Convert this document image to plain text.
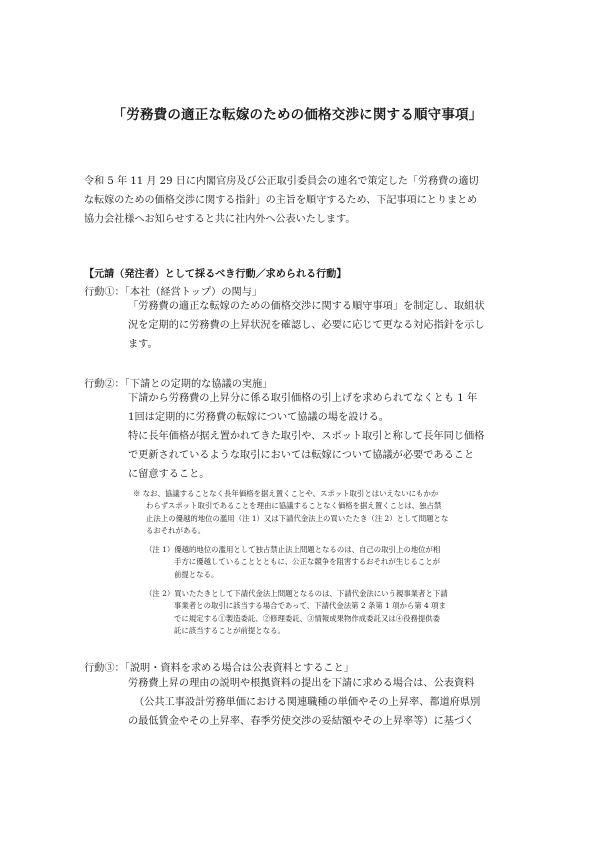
「労務費の適正な転嫁のための価格交渉に関する順守事項」
令和 5 年 11 月 29 日に内閣官房及び公正取引委員会の連名で策定した「労務費の適切
な転嫁のための価格交渉に関する指針」の主旨を順守するため、下記事項にとりまとめ
協力会社様へお知らせすると共に社内外へ公表いたします。
【元請（発注者）として採るべき行動／求められる行動】
行動①：「本社（経営トップ）の関与」
「労務費の適正な転嫁のための価格交渉に関する順守事項」を制定し、取組状
況を定期的に労務費の上昇状況を確認し、必要に応じて更なる対応指針を示し
ます。
行動②：「下請との定期的な協議の実施」
下請から労務費の上昇分に係る取引価格の引上げを求められてなくとも 1 年
1回は定期的に労務費の転嫁について協議の場を設ける。
特に長年価格が据え置かれてきた取引や、スポット取引と称して長年同じ価格
で更新されているような取引においては転嫁について協議が必要であること
に留意すること。
※ なお、協議することなく長年価格を据え置くことや、スポット取引とはいえないにもかか
わらずスポット取引であることを理由に協議することなく価格を据え置くことは、独占禁
止法上の優越的地位の濫用（注 1）又は下請代金法上の買いたたき（注 2）として問題とな
るおそれがある。
（注 1）優越的地位の濫用として独占禁止法上問題となるのは、自己の取引上の地位が相
手方に優越していることとともに、公正な競争を阻害するおそれが生じることが
前提となる。
（注 2）買いたたきとして下請代金法上問題となるのは、下請代金法にいう親事業者と下請
事業者との取引に該当する場合であって、下請代金法第 2 条第 1 項から第 4 項ま
でに規定する①製造委託、②修理委託、③情報成果物作成委託又は④役務提供委
託に該当することが前提となる。
行動③：「説明・資料を求める場合は公表資料とすること」
労務費上昇の理由の説明や根拠資料の提出を下請に求める場合は、公表資料
（公共工事設計労務単価における関連職種の単価やその上昇率、都道府県別
の最低賃金やその上昇率、春季労使交渉の妥結額やその上昇率等）に基づく
